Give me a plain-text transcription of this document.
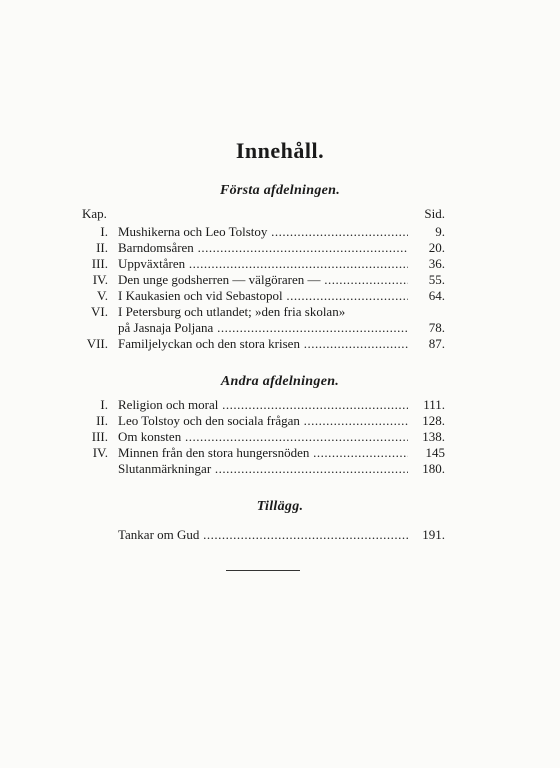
Innehåll.
Första afdelningen.
Kap.	Sid.
I. Mushikerna och Leo Tolstoy .....	9.
II. Barndomsåren .....	20.
III. Uppväxtåren .....	36.
IV. Den unge godsherren — välgöraren — .....	55.
V. I Kaukasien och vid Sebastopol .....	64.
VI. I Petersburg och utlandet; »den fria skolan»
på Jasnaja Poljana .....	78.
VII. Familjelyckan och den stora krisen .....	87.
Andra afdelningen.
I. Religion och moral .....	111.
II. Leo Tolstoy och den sociala frågan .....	128.
III. Om konsten .....	138.
IV. Minnen från den stora hungersnöden .....	145
Slutanmärkningar .....	180.
Tillägg.
Tankar om Gud .....	191.
